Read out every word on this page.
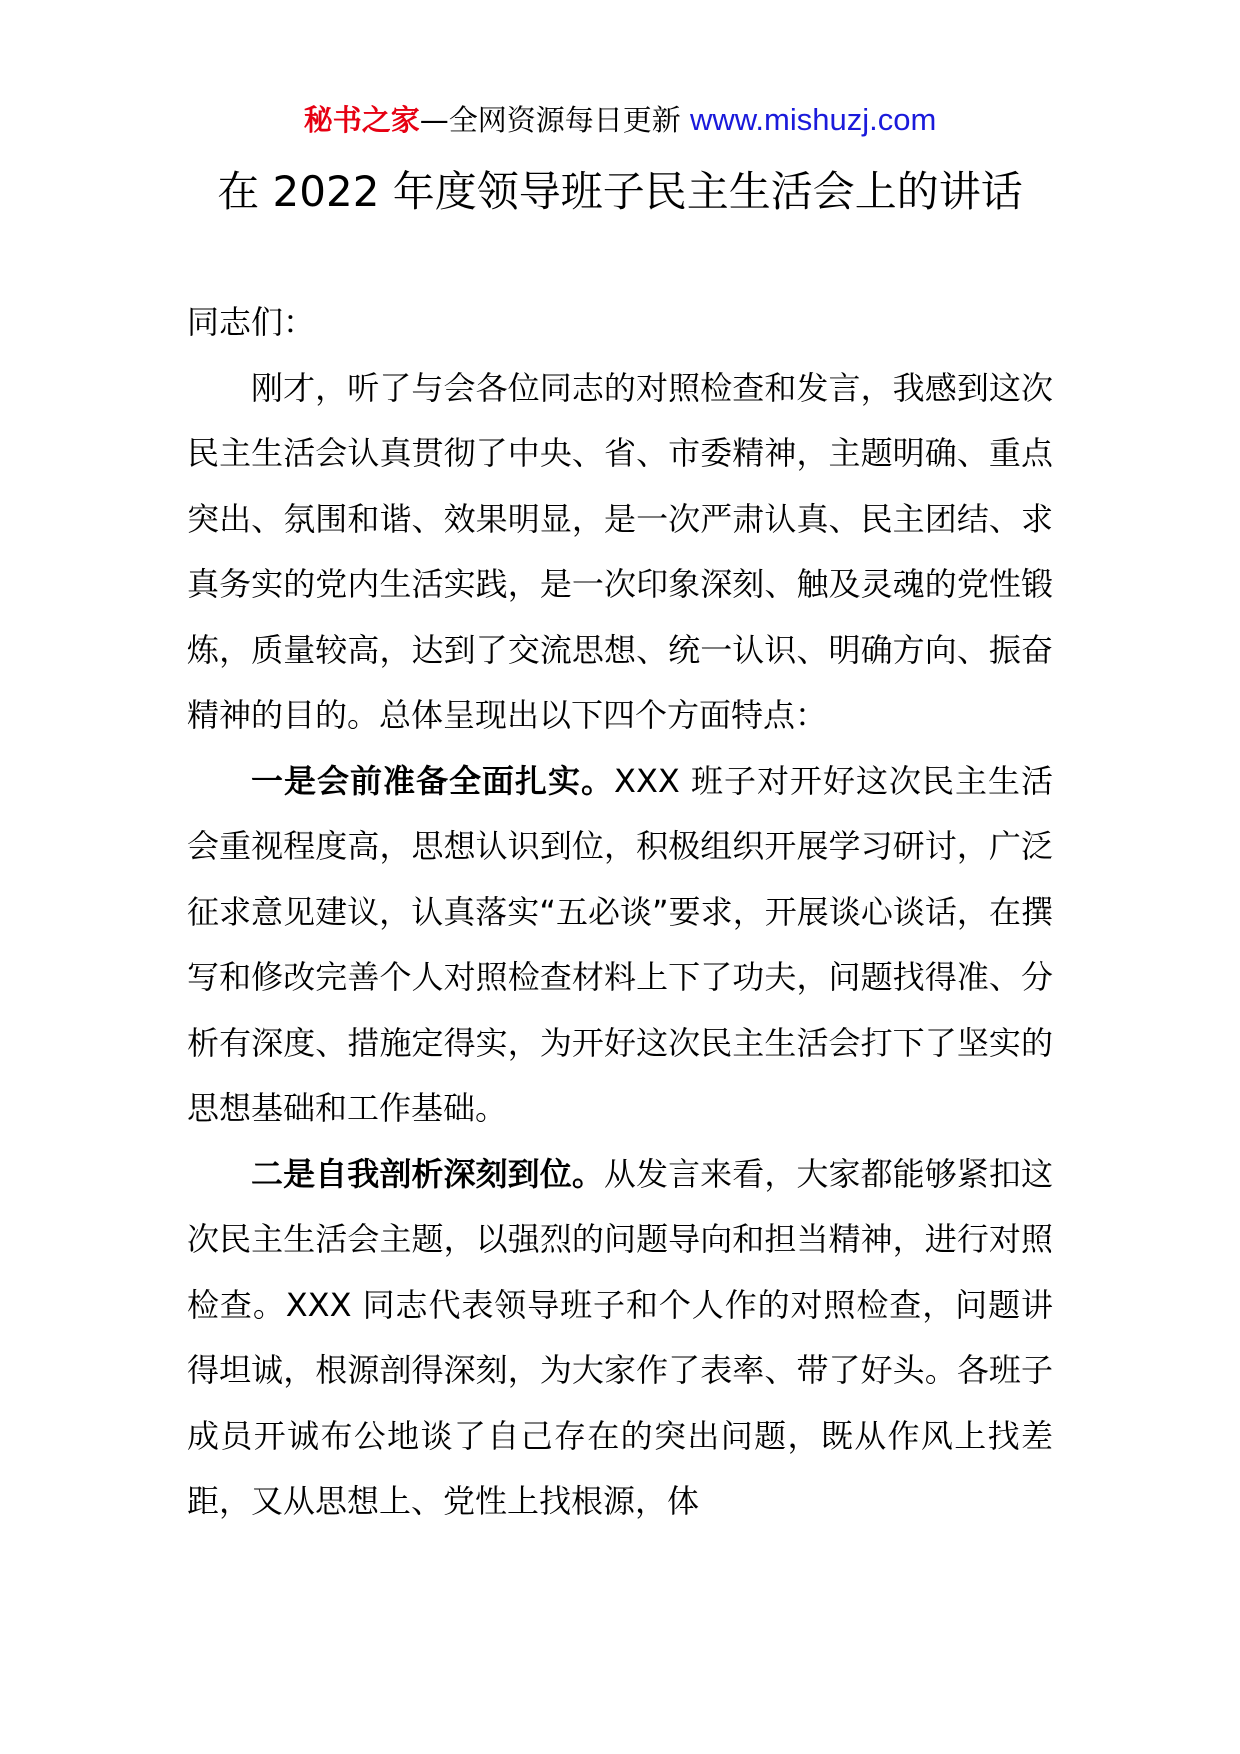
秘书之家—全网资源每日更新 www.mishuzj.com
在 2022 年度领导班子民主生活会上的讲话

同志们：

刚才，听了与会各位同志的对照检查和发言，我感到这次民主生活会认真贯彻了中央、省、市委精神，主题明确、重点突出、氛围和谐、效果明显，是一次严肃认真、民主团结、求真务实的党内生活实践，是一次印象深刻、触及灵魂的党性锻炼，质量较高，达到了交流思想、统一认识、明确方向、振奋精神的目的。总体呈现出以下四个方面特点：

一是会前准备全面扎实。XXX 班子对开好这次民主生活会重视程度高，思想认识到位，积极组织开展学习研讨，广泛征求意见建议，认真落实“五必谈”要求，开展谈心谈话，在撰写和修改完善个人对照检查材料上下了功夫，问题找得准、分析有深度、措施定得实，为开好这次民主生活会打下了坚实的思想基础和工作基础。

二是自我剖析深刻到位。从发言来看，大家都能够紧扣这次民主生活会主题，以强烈的问题导向和担当精神，进行对照检查。XXX 同志代表领导班子和个人作的对照检查，问题讲得坦诚，根源剖得深刻，为大家作了表率、带了好头。各班子成员开诚布公地谈了自己存在的突出问题，既从作风上找差距，又从思想上、党性上找根源，体
